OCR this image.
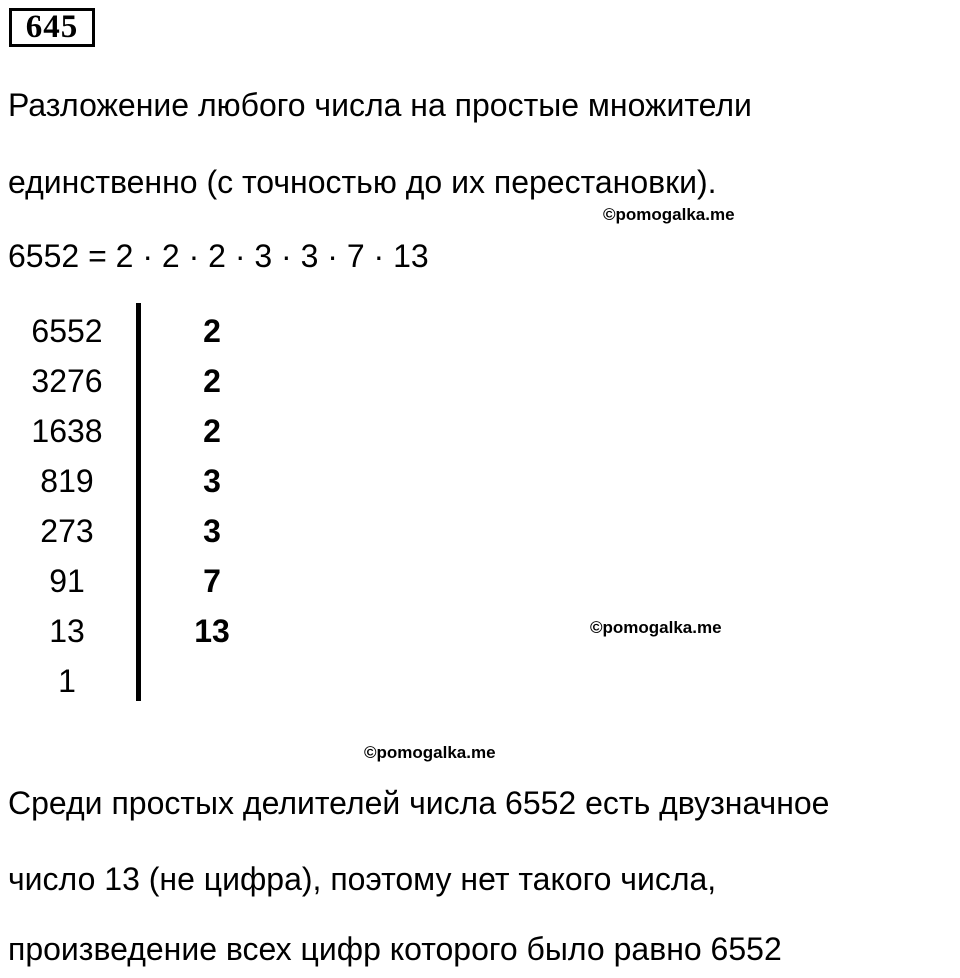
645
Разложение любого числа на простые множители
единственно (с точностью до их перестановки).
©pomogalka.me
6552 = 2 · 2 · 2 · 3 · 3 · 7 · 13
6552	2
3276	2
1638	2
819	3
273	3
91	7
13	13
1
©pomogalka.me
©pomogalka.me
Среди простых делителей числа 6552 есть двузначное
число 13 (не цифра), поэтому нет такого числа,
произведение всех цифр которого было равно 6552
